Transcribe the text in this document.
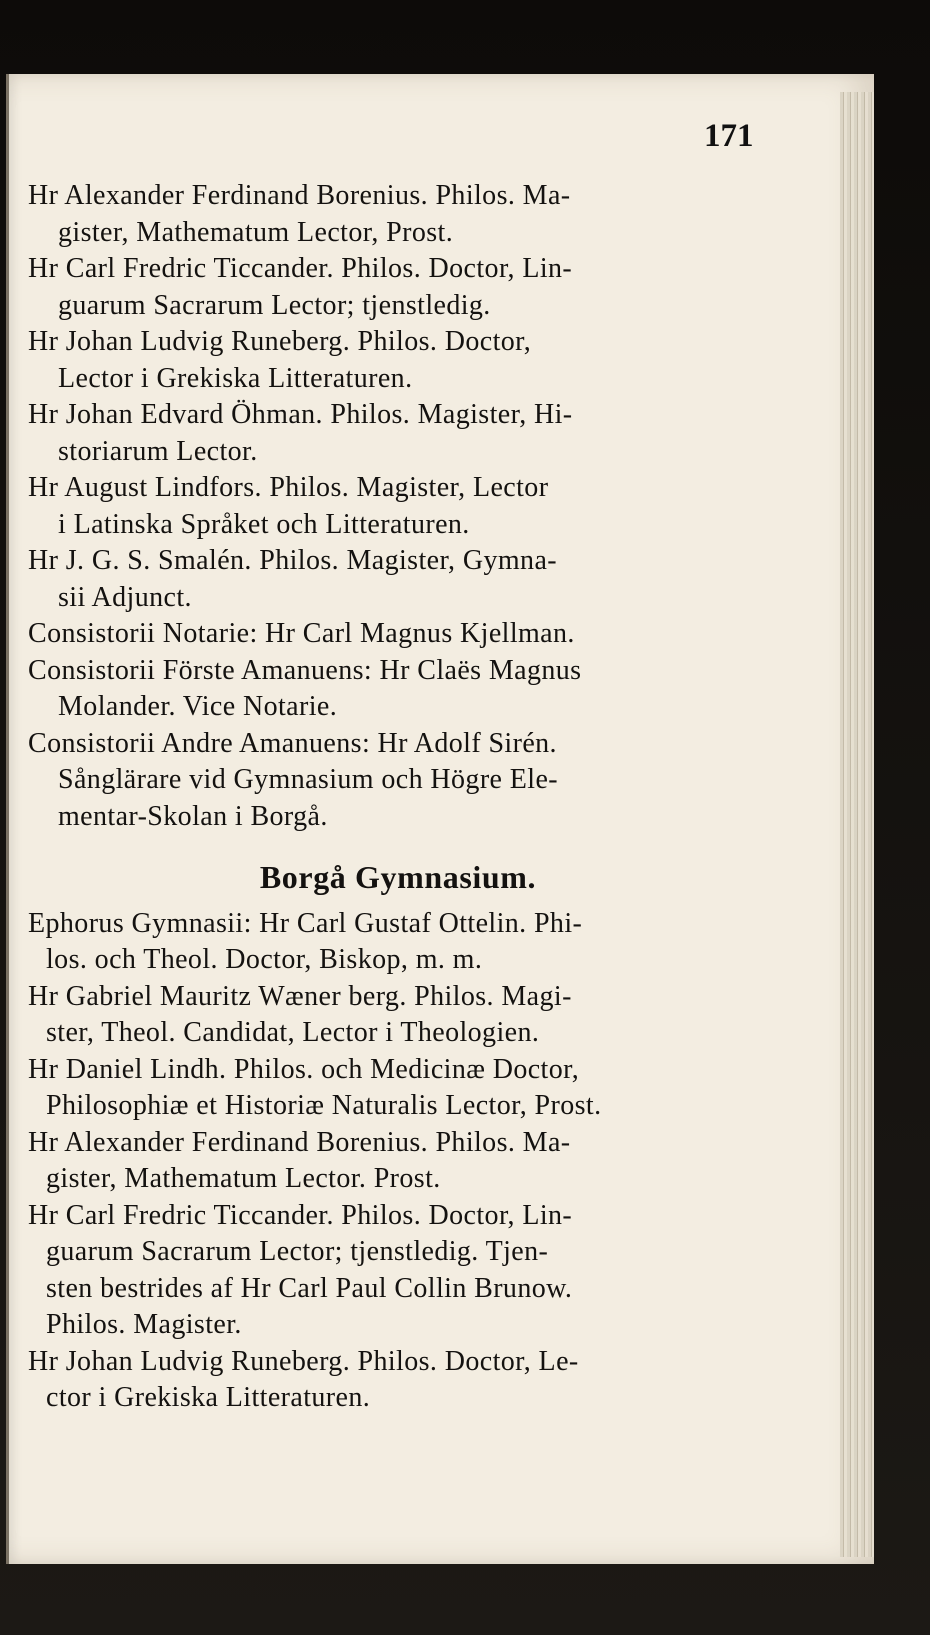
171
Hr Alexander Ferdinand Borenius. Philos. Ma-
gister, Mathematum Lector, Prost.
Hr Carl Fredric Ticcander. Philos. Doctor, Lin-
guarum Sacrarum Lector; tjenstledig.
Hr Johan Ludvig Runeberg. Philos. Doctor,
Lector i Grekiska Litteraturen.
Hr Johan Edvard Öhman. Philos. Magister, Hi-
storiarum Lector.
Hr August Lindfors. Philos. Magister, Lector
i Latinska Språket och Litteraturen.
Hr J. G. S. Smalén. Philos. Magister, Gymna-
sii Adjunct.
Consistorii Notarie: Hr Carl Magnus Kjellman.
Consistorii Förste Amanuens: Hr Claës Magnus
Molander. Vice Notarie.
Consistorii Andre Amanuens: Hr Adolf Sirén.
Sånglärare vid Gymnasium och Högre Ele-
mentar-Skolan i Borgå.
Borgå Gymnasium.
Ephorus Gymnasii: Hr Carl Gustaf Ottelin. Phi-
los. och Theol. Doctor, Biskop, m. m.
Hr Gabriel Mauritz Wæner berg. Philos. Magi-
ster, Theol. Candidat, Lector i Theologien.
Hr Daniel Lindh. Philos. och Medicinæ Doctor,
Philosophiæ et Historiæ Naturalis Lector, Prost.
Hr Alexander Ferdinand Borenius. Philos. Ma-
gister, Mathematum Lector. Prost.
Hr Carl Fredric Ticcander. Philos. Doctor, Lin-
guarum Sacrarum Lector; tjenstledig. Tjen-
sten bestrides af Hr Carl Paul Collin Brunow.
Philos. Magister.
Hr Johan Ludvig Runeberg. Philos. Doctor, Le-
ctor i Grekiska Litteraturen.
